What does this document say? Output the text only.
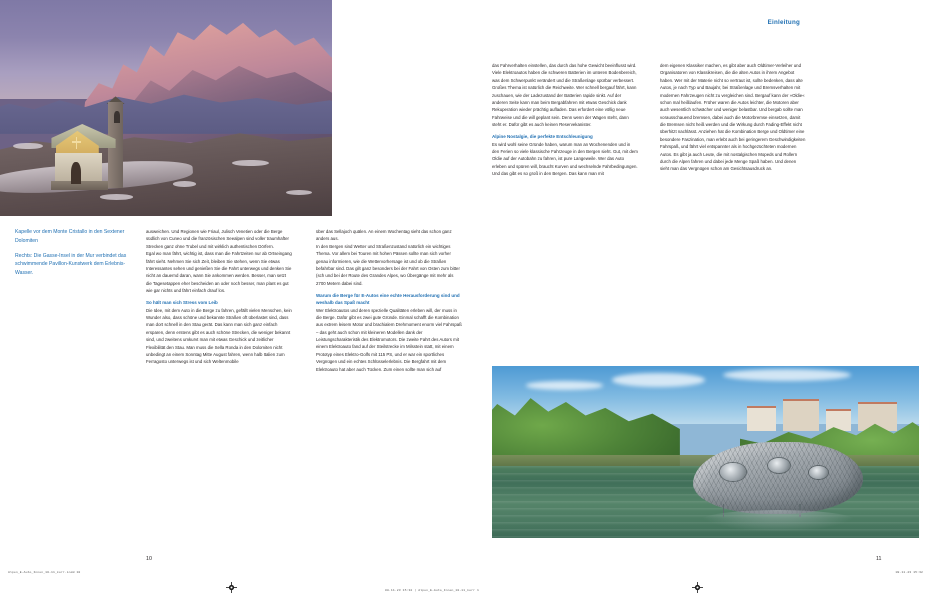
Einleitung

Kapelle vor dem Monte Cristallo in den Sextener Dolomiten

Rechts: Die Gasse-Insel in der Mur verbindet das schwimmende Pavillon-Kunstwerk dem Erlebnis-Wasser.

ausweichen. Und Regionen wie Friaul, Julisch Venetien oder die Berge südlich von Cuneo und die französischen Seealpen sind voller traumhafter Strecken ganz ohne Trubel und mit wirklich authentischen Dörfern.

Egal wo man fährt, wichtig ist, dass man die Fahrtzeiten nur ab Ortseingang fährt sieht. Nehmen Sie sich Zeit, bleiben Sie stehen, wenn Sie etwas Interessantes sehen und genießen Sie die Fahrt unterwegs und denken Sie nicht an dauernd daran, wann Sie ankommen werden. Besser, man setzt die Tagesetappen eher bescheiden an oder noch besser, man plant es gut wie gar nichts und fährt einfach drauf los.

So hält man sich Stress vom Leib

Die Idee, mit dem Auto in die Berge zu fahren, gefällt vielen Menschen, kein Wunder also, dass schöne und bekannte Straßen oft überlastet sind, dass man dort schnell in den Stau gerät. Das kann man sich ganz einfach ersparen, denn erstens gibt es auch schöne Strecken, die weniger bekannt sind, und zweitens umkurvt man mit etwas Geschick und zeitlicher Flexibilität den Stau. Man muss die Sella Ronda in den Dolomiten nicht unbedingt an einem Sonntag Mitte August fahren, wenn halb Italien zum Ferragosto unterwegs ist und sich Weltenmobile

über das Sellajoch quälen. An einem Wochentag sieht das schon ganz anders aus.

In den Bergen sind Wetter und Straßenzustand natürlich ein wichtiges Thema. Vor allem bei Touren mit hohen Pässen sollte man sich vorher genau informieren, wie die Wettervorhersage ist und ob die Straßen befahrbar sind. Das gilt ganz besonders bei der Fahrt von Osten zum bitter (sch und bei der Route des Grandes Alpes, wo Übergänge mit mehr als 2700 Metern dabei sind.

Warum die Berge für E-Autos eine echte Herausforderung sind und weshalb das Spaß macht

Wer Elektroautos und deren spezielle Qualitäten erleben will, der muss in die Berge. Dafür gibt es zwei gute Gründe. Einmal schafft die Kombination aus extrem leisem Motor und brachialem Drehmoment enorm viel Fahrspaß – das geht auch schon mit kleineren Modellen dank der Leistungscharakteristik des Elektromotors. Die zweite Fahrt des Autors mit einem Elektroauto fand auf der Steilstrecke im Milsstein statt, mit einem Prototyp eines Elektro-Golfs mit 115 PS, und er war ein sportliches Vergnügen und ein echtes Schlüsselerlebnis. Die Bergfahrt mit dem Elektroauto hat aber auch Tücken. Zum einen sollte man sich auf

das Fahrverhalten einstellen, das durch das hohe Gewicht beeinflusst wird. Viele Elektroautos haben die schweren Batterien im unteren Bodenbereich, was dem Schwerpunkt verändert und die Straßenlage spürbar verbessert. Großes Thema ist natürlich die Reichweite. Wer schnell bergauf fährt, kann zuschauen, wie der Ladezustand der Batterien rapide sinkt. Auf der anderen Seite kann man beim Bergabfahren mit etwas Geschick dank Rekuperation wieder prächtig aufladen. Das erfordert eine völlig neue Fahrweise und die will geplant sein. Denn wenn der Wagen steht, dann steht er. Dafür gibt es auch keinen Reservekanister.

Alpine Nostalgie, die perfekte Entschleunigung

Es wird wohl seine Gründe haben, warum man an Wochenenden und in den Ferien so viele klassische Fahrzeuge in den Bergen sieht. Gut, mit dem Oldie auf der Autobahn zu fahren, ist pure Langeweile. Wer das Auto erleben und spüren will, braucht Kurven und wechselnde Fahrbedingungen. Und das gibt es so groß in den Bergen. Das kann man mit

dem eigenen Klassiker machen, es gibt aber auch Oldtimer-Verleiher und Organisatoren von Klassikreisen, die die alten Autos in ihrem Angebot haben. Wer mit der Materie nicht so vertraut ist, sollte bedenken, dass alte Autos, je nach Typ und Baujahr, bei Straßenlage und Bremsverhalten mit modernen Fahrzeugen nicht zu vergleichen sind. Bergauf kann der »Oldie« schon mal heißlaufen. Früher waren die Autos leichter, die Motoren aber auch wesentlich schwächer und weniger belastbar. Und bergab sollte man vorausschauend bremsen, dabei auch die Motorbremse einsetzen, damit die Bremsen nicht heiß werden und die Wirkung durch Fading-Effekt nicht überhitzt nachlässt. Anziehen hat die Kombination Berge und Oldtimer eine besondere Faszination, man erlebt auch bei geringerem Geschwindigkeiten Fahrspaß, und fährt viel entspannter als in hochgezüchteten modernen Autos. Es gibt ja auch Leute, die mit nostalgischen Mopeds und Rollern durch die Alpen fahren und dabei jede Menge Spaß haben. Und denen sieht man das Vergnügen schon am Gesichtsausdruck an.

10	11
Alpen_E-Auto_Innen_10-11_korr.indd 10
08.11.23 15:32 | Alpen_E-Auto_Innen_10-11_korr 1
08.11.23 15:32
